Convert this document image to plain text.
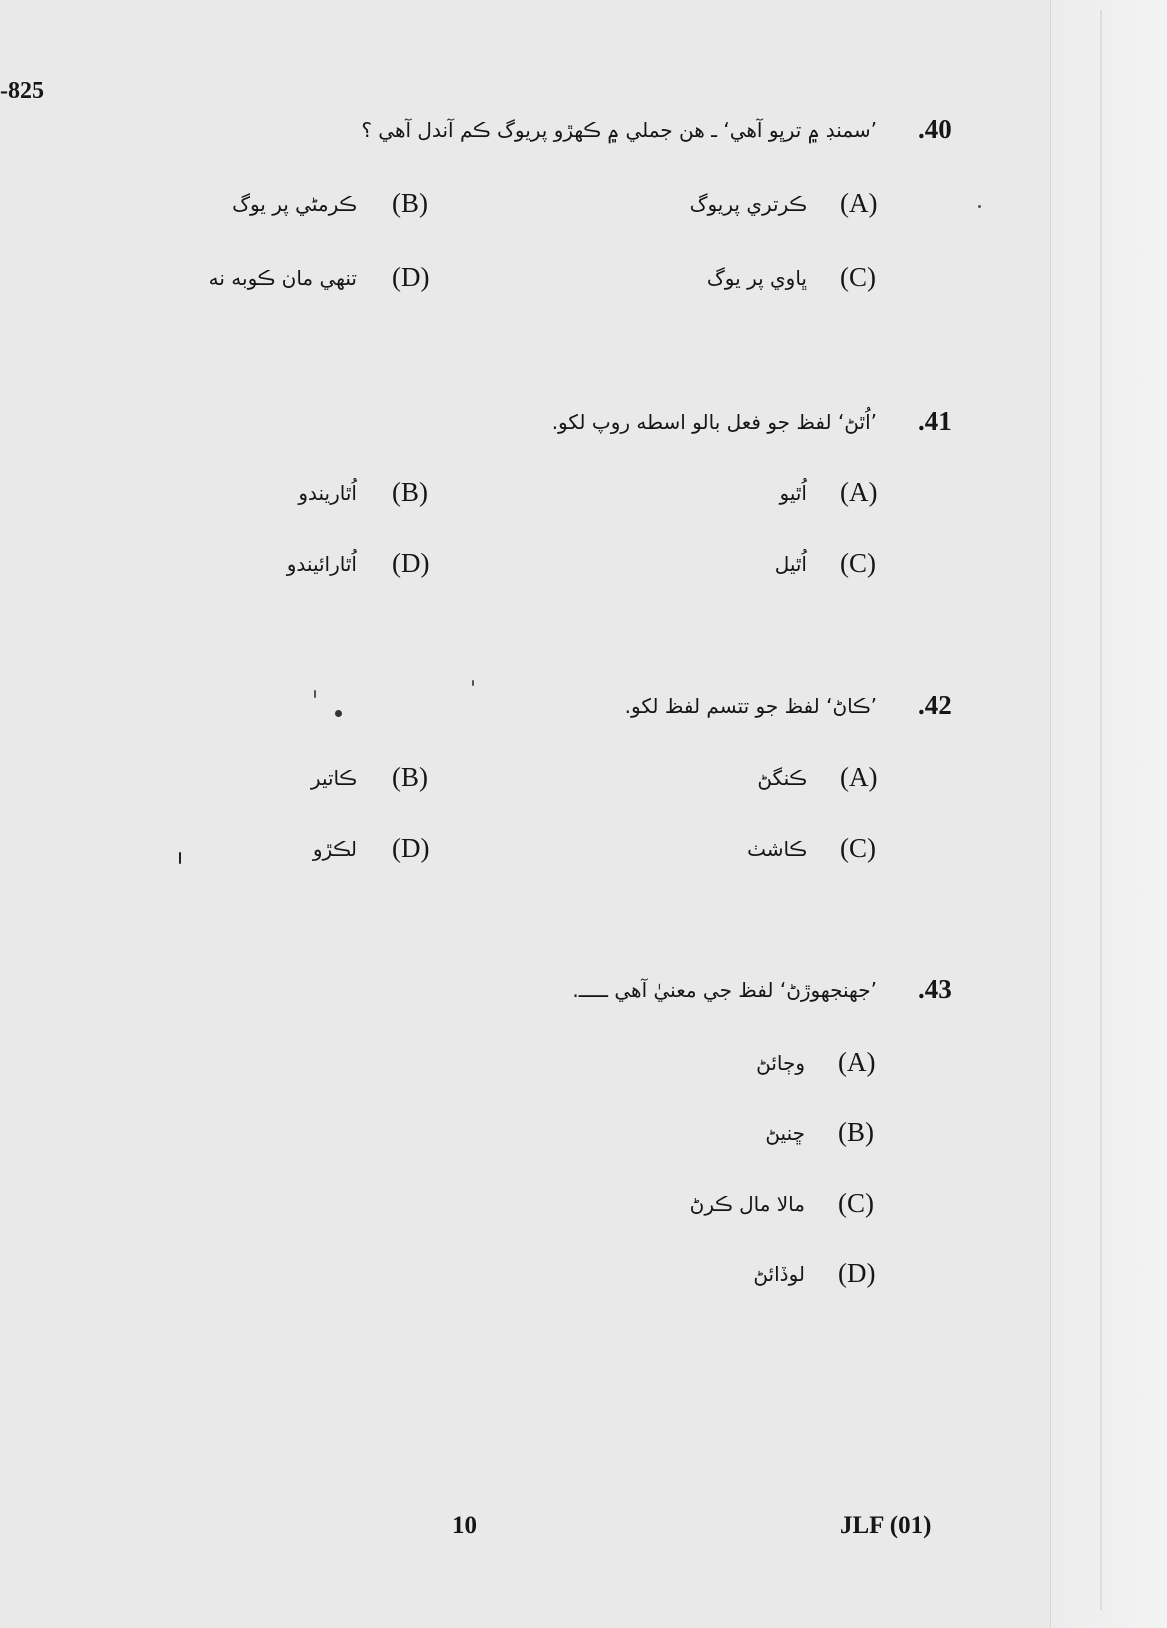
-825
.40
’سمنڊ ۾ ترڀو آهي‘ ـ هن جملي ۾ ڪهڙو پريوگ ڪم آندل آهي ؟
(A)
ڪرتري پريوگ
(B)
ڪرمڻي پر يوگ
(C)
ڀاوي پر يوگ
(D)
تنهي مان ڪوبه نه
.41
’اُٿڻ‘ لفظ جو فعل بالو اسطه روپ لکو.
(A)
اُٿيو
(B)
اُٿاريندو
(C)
اُٿيل
(D)
اُٿارائيندو
.42
’ڪاڻ‘ لفظ جو تتسم لفظ لکو.
(A)
ڪنگڻ
(B)
ڪاتير
(C)
ڪاشٺ
(D)
لڪڙو
.43
’جهنجهوڙڻ‘ لفظ جي معنيٰ آهي ـــــ.
(A)
وڄائڻ
(B)
ڇنيڻ
(C)
مالا مال ڪرڻ
(D)
لوڏائڻ
10	JLF (01)
